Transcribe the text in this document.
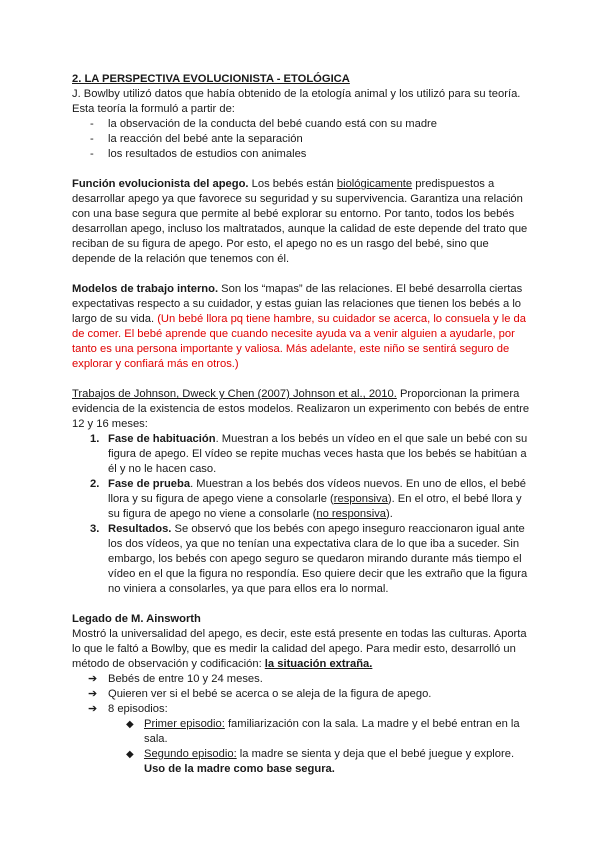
2. LA PERSPECTIVA EVOLUCIONISTA - ETOLÓGICA

J. Bowlby utilizó datos que había obtenido de la etología animal y los utilizó para su teoría. Esta teoría la formuló a partir de:

- la observación de la conducta del bebé cuando está con su madre
- la reacción del bebé ante la separación
- los resultados de estudios con animales

Función evolucionista del apego. Los bebés están biológicamente predispuestos a desarrollar apego ya que favorece su seguridad y su supervivencia. Garantiza una relación con una base segura que permite al bebé explorar su entorno. Por tanto, todos los bebés desarrollan apego, incluso los maltratados, aunque la calidad de este depende del trato que reciban de su figura de apego. Por esto, el apego no es un rasgo del bebé, sino que depende de la relación que tenemos con él.

Modelos de trabajo interno. Son los “mapas” de las relaciones. El bebé desarrolla ciertas expectativas respecto a su cuidador, y estas guian las relaciones que tienen los bebés a lo largo de su vida. (Un bebé llora pq tiene hambre, su cuidador se acerca, lo consuela y le da de comer. El bebé aprende que cuando necesite ayuda va a venir alguien a ayudarle, por tanto es una persona importante y valiosa. Más adelante, este niño se sentirá seguro de explorar y confiará más en otros.)

Trabajos de Johnson, Dweck y Chen (2007) Johnson et al., 2010. Proporcionan la primera evidencia de la existencia de estos modelos. Realizaron un experimento con bebés de entre 12 y 16 meses:

1. Fase de habituación. Muestran a los bebés un vídeo en el que sale un bebé con su figura de apego. El vídeo se repite muchas veces hasta que los bebés se habitúan a él y no le hacen caso.
2. Fase de prueba. Muestran a los bebés dos vídeos nuevos. En uno de ellos, el bebé llora y su figura de apego viene a consolarle (responsiva). En el otro, el bebé llora y su figura de apego no viene a consolarle (no responsiva).
3. Resultados. Se observó que los bebés con apego inseguro reaccionaron igual ante los dos vídeos, ya que no tenían una expectativa clara de lo que iba a suceder. Sin embargo, los bebés con apego seguro se quedaron mirando durante más tiempo el vídeo en el que la figura no respondía. Eso quiere decir que les extraño que la figura no viniera a consolarles, ya que para ellos era lo normal.

Legado de M. Ainsworth

Mostró la universalidad del apego, es decir, este está presente en todas las culturas. Aporta lo que le faltó a Bowlby, que es medir la calidad del apego. Para medir esto, desarrolló un método de observación y codificación: la situación extraña.

➔ Bebés de entre 10 y 24 meses.
➔ Quieren ver si el bebé se acerca o se aleja de la figura de apego.
➔ 8 episodios:
◆ Primer episodio: familiarización con la sala. La madre y el bebé entran en la sala.
◆ Segundo episodio: la madre se sienta y deja que el bebé juegue y explore.
Uso de la madre como base segura.
